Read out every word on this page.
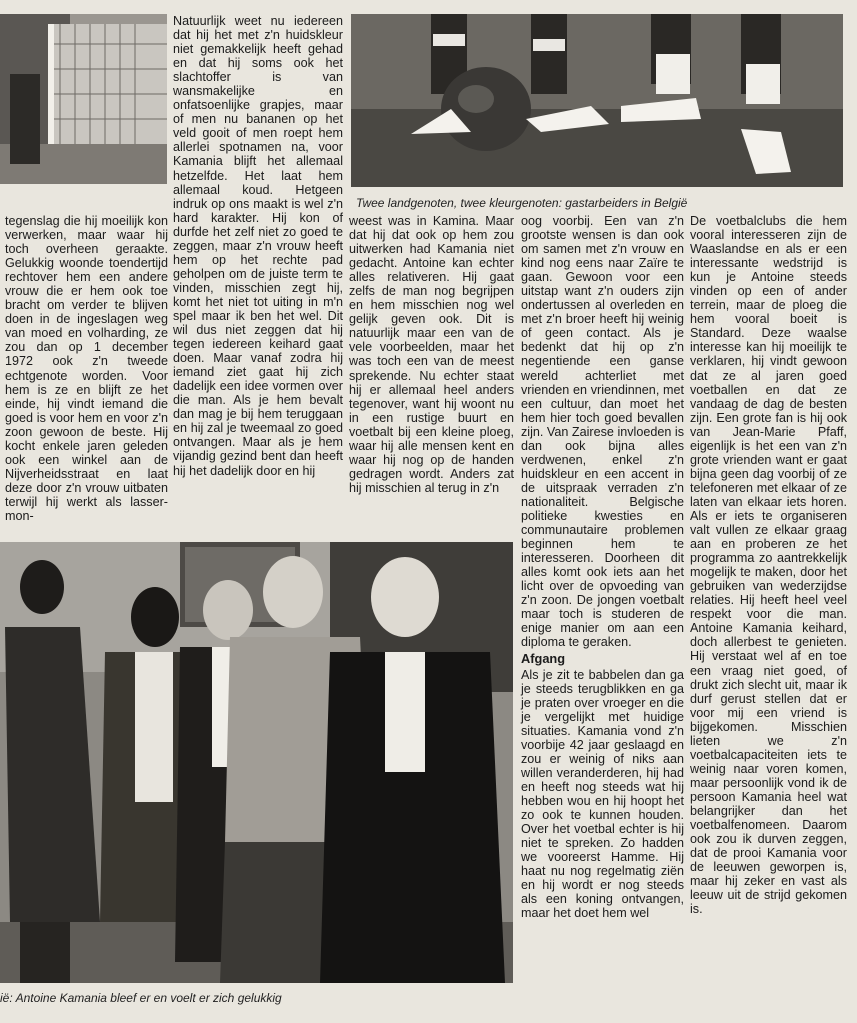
Twee landgenoten, twee kleurgenoten: gastarbeiders in België

Natuurlijk weet nu iedereen dat hij het met z'n huidskleur niet gemakkelijk heeft gehad en dat hij soms ook het slachtoffer is van wansmakelijke en onfatsoenlijke grapjes, maar of men nu bananen op het veld gooit of men roept hem allerlei spotnamen na, voor Kamania blijft het allemaal hetzelfde. Het laat hem allemaal koud. Hetgeen indruk op ons maakt is wel z'n hard karakter. Hij kon of durfde het zelf niet zo goed te zeggen, maar z'n vrouw heeft hem op het rechte pad geholpen om de juiste term te vinden, misschien zegt hij, komt het niet tot uiting in m'n spel maar ik ben het wel. Dit wil dus niet zeggen dat hij tegen iedereen keihard gaat doen. Maar vanaf zodra hij iemand ziet gaat hij zich dadelijk een idee vormen over die man. Als je hem bevalt dan mag je bij hem teruggaan en hij zal je tweemaal zo goed ontvangen. Maar als je hem vijandig gezind bent dan heeft hij het dadelijk door en hij

tegenslag die hij moeilijk kon verwerken, maar waar hij toch overheen geraakte. Gelukkig woonde toendertijd rechtover hem een andere vrouw die er hem ook toe bracht om verder te blijven doen in de ingeslagen weg van moed en volharding, ze zou dan op 1 december 1972 ook z'n tweede echtgenote worden. Voor hem is ze en blijft ze het einde, hij vindt iemand die goed is voor hem en voor z'n zoon gewoon de beste. Hij kocht enkele jaren geleden ook een winkel aan de Nijverheidsstraat en laat deze door z'n vrouw uitbaten terwijl hij werkt als lasser-mon-

weest was in Kamina. Maar dat hij dat ook op hem zou uitwerken had Kamania niet gedacht. Antoine kan echter alles relativeren. Hij gaat zelfs de man nog begrijpen en hem misschien nog wel gelijk geven ook. Dit is natuurlijk maar een van de vele voorbeelden, maar het was toch een van de meest sprekende. Nu echter staat hij er allemaal heel anders tegenover, want hij woont nu in een rustige buurt en voetbalt bij een kleine ploeg, waar hij alle mensen kent en waar hij nog op de handen gedragen wordt. Anders zat hij misschien al terug in z'n

oog voorbij. Een van z'n grootste wensen is dan ook om samen met z'n vrouw en kind nog eens naar Zaïre te gaan. Gewoon voor een uitstap want z'n ouders zijn ondertussen al overleden en met z'n broer heeft hij weinig of geen contact. Als je bedenkt dat hij op z'n negentiende een ganse wereld achterliet met vrienden en vriendinnen, met een cultuur, dan moet het hem hier toch goed bevallen zijn. Van Zairese invloeden is dan ook bijna alles verdwenen, enkel z'n huidskleur en een accent in de uitspraak verraden z'n nationaliteit. Belgische politieke kwesties en communautaire problemen beginnen hem te interesseren. Doorheen dit alles komt ook iets aan het licht over de opvoeding van z'n zoon. De jongen voetbalt maar toch is studeren de enige manier om aan een diploma te geraken.

Afgang

Als je zit te babbelen dan ga je steeds terugblikken en ga je praten over vroeger en die je vergelijkt met huidige situaties. Kamania vond z'n voorbije 42 jaar geslaagd en zou er weinig of niks aan willen veranderderen, hij had en heeft nog steeds wat hij hebben wou en hij hoopt het zo ook te kunnen houden. Over het voetbal echter is hij niet te spreken. Zo hadden we vooreerst Hamme. Hij haat nu nog regelmatig ziën en hij wordt er nog steeds als een koning ontvangen, maar het doet hem wel

De voetbalclubs die hem vooral interesseren zijn de Waaslandse en als er een interessante wedstrijd is kun je Antoine steeds vinden op een of ander terrein, maar de ploeg die hem vooral boeit is Standard. Deze waalse interesse kan hij moeilijk te verklaren, hij vindt gewoon dat ze al jaren goed voetballen en dat ze vandaag de dag de besten zijn. Een grote fan is hij ook van Jean-Marie Pfaff, eigenlijk is het een van z'n grote vrienden want er gaat bijna geen dag voorbij of ze telefoneren met elkaar of ze laten van elkaar iets horen. Als er iets te organiseren valt vullen ze elkaar graag aan en proberen ze het programma zo aantrekkelijk mogelijk te maken, door het gebruiken van wederzijdse relaties. Hij heeft heel veel respekt voor die man. Antoine Kamania keihard, doch allerbest te genieten. Hij verstaat wel af en toe een vraag niet goed, of drukt zich slecht uit, maar ik durf gerust stellen dat er voor mij een vriend is bijgekomen. Misschien lieten we z'n voetbalcapaciteiten iets te weinig naar voren komen, maar persoonlijk vond ik de persoon Kamania heel wat belangrijker dan het voetbalfenomeen. Daarom ook zou ik durven zeggen, dat de prooi Kamania voor de leeuwen geworpen is, maar hij zeker en vast als leeuw uit de strijd gekomen is.

ië: Antoine Kamania bleef er en voelt er zich gelukkig
